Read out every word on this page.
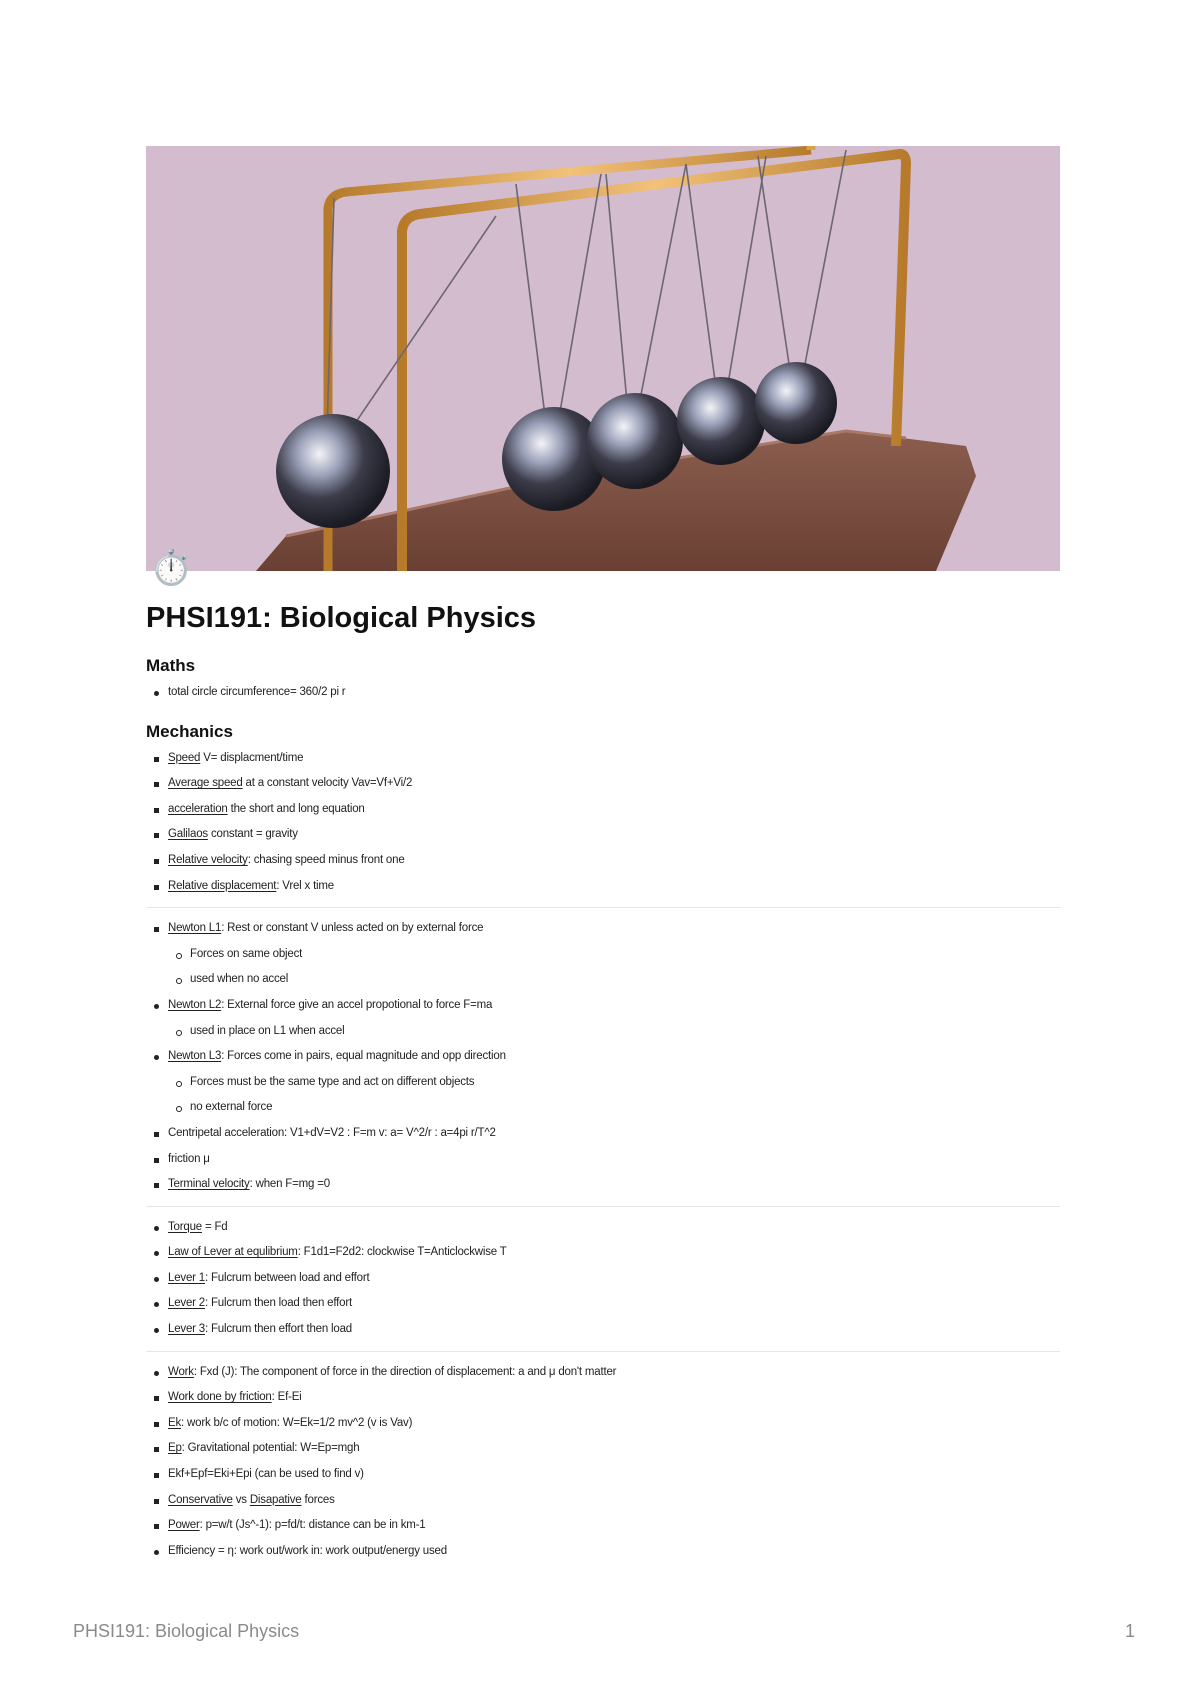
⏱️
PHSI191: Biological Physics
Maths
total circle circumference= 360/2 pi r
Mechanics
Speed V= displacment/time
Average speed at a constant velocity Vav=Vf+Vi/2
acceleration the short and long equation
Galilaos constant = gravity
Relative velocity: chasing speed minus front one
Relative displacement: Vrel x time
Newton L1: Rest or constant V unless acted on by external force
Forces on same object
used when no accel
Newton L2: External force give an accel propotional to force F=ma
used in place on L1 when accel
Newton L3: Forces come in pairs, equal magnitude and opp direction
Forces must be the same type and act on different objects
no external force
Centripetal acceleration: V1+dV=V2 : F=m v: a= V^2/r : a=4pi r/T^2
friction μ
Terminal velocity: when F=mg =0
Torque = Fd
Law of Lever at equlibrium: F1d1=F2d2: clockwise T=Anticlockwise T
Lever 1: Fulcrum between load and effort
Lever 2: Fulcrum then load then effort
Lever 3: Fulcrum then effort then load
Work: Fxd (J): The component of force in the direction of displacement: a and μ don't matter
Work done by friction: Ef-Ei
Ek: work b/c of motion: W=Ek=1/2 mv^2 (v is Vav)
Ep: Gravitational potential: W=Ep=mgh
Ekf+Epf=Eki+Epi (can be used to find v)
Conservative vs Disapative forces
Power: p=w/t (Js^-1): p=fd/t: distance can be in km-1
Efficiency = η: work out/work in: work output/energy used
PHSI191: Biological Physics	1
